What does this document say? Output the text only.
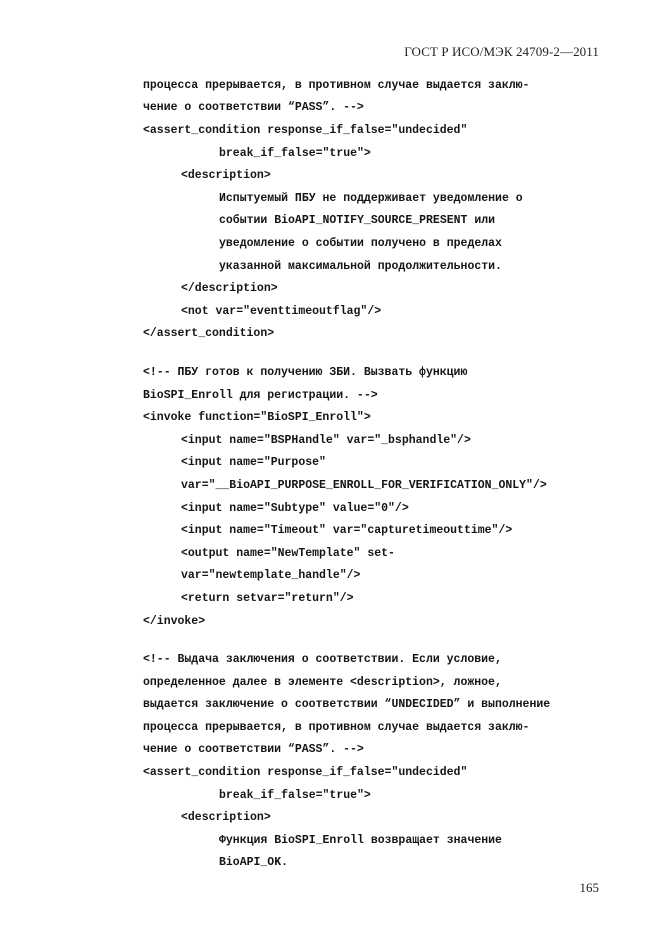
ГОСТ Р ИСО/МЭК 24709-2—2011

процесса прерывается, в противном случае выдается заклю-

чение о соответствии “PASS”. -->

<assert_condition response_if_false="undecided"

break_if_false="true">

<description>

Испытуемый ПБУ не поддерживает уведомление о

событии BioAPI_NOTIFY_SOURCE_PRESENT или

уведомление о событии получено в пределах

указанной максимальной продолжительности.

</description>

<not var="eventtimeoutflag"/>

</assert_condition>

<!-- ПБУ готов к получению ЗБИ. Вызвать функцию

BioSPI_Enroll для регистрации. -->

<invoke function="BioSPI_Enroll">

<input name="BSPHandle" var="_bsphandle"/>

<input name="Purpose"

var="__BioAPI_PURPOSE_ENROLL_FOR_VERIFICATION_ONLY"/>

<input name="Subtype" value="0"/>

<input name="Timeout" var="capturetimeouttime"/>

<output name="NewTemplate" set-

var="newtemplate_handle"/>

<return setvar="return"/>

</invoke>

<!-- Выдача заключения о соответствии. Если условие,

определенное далее в элементе <description>, ложное,

выдается заключение о соответствии “UNDECIDED” и выполнение

процесса прерывается, в противном случае выдается заклю-

чение о соответствии “PASS”. -->

<assert_condition response_if_false="undecided"

break_if_false="true">

<description>

Функция BioSPI_Enroll возвращает значение

BioAPI_OK.

165
